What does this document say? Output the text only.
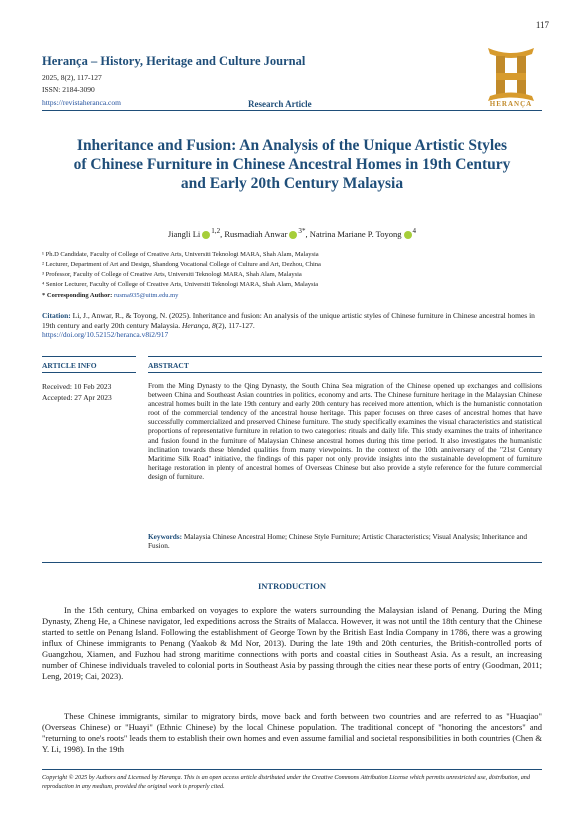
117
Herança – History, Heritage and Culture Journal
2025, 8(2), 117-127
ISSN: 2184-3090
https://revistaheranca.com	Research Article	HERANÇA
Inheritance and Fusion: An Analysis of the Unique Artistic Styles of Chinese Furniture in Chinese Ancestral Homes in 19th Century and Early 20th Century Malaysia
Jiangli Li $^{1,2}$, Rusmadiah Anwar $^{3*}$, Natrina Mariane P. Toyong $^4$
¹ Ph.D Candidate, Faculty of College of Creative Arts, Universiti Teknologi MARA, Shah Alam, Malaysia
² Lecturer, Department of Art and Design, Shandong Vocational College of Culture and Art, Dezhou, China
³ Professor, Faculty of College of Creative Arts, Universiti Teknologi MARA, Shah Alam, Malaysia
⁴ Senior Lecturer, Faculty of College of Creative Arts, Universiti Teknologi MARA, Shah Alam, Malaysia
* Corresponding Author: rusma935@uitm.edu.my
Citation: Li, J., Anwar, R., & Toyong, N. (2025). Inheritance and fusion: An analysis of the unique artistic styles of Chinese furniture in Chinese ancestral homes in 19th century and early 20th century Malaysia. Herança, 8(2), 117-127.
https://doi.org/10.52152/heranca.v8i2/917
ARTICLE INFO
Received: 10 Feb 2023
Accepted: 27 Apr 2023
ABSTRACT
From the Ming Dynasty to the Qing Dynasty, the South China Sea migration of the Chinese opened up exchanges and collisions between China and Southeast Asian countries in politics, economy and arts. The Chinese furniture heritage in the Malaysian Chinese ancestral homes built in the late 19th century and early 20th century has received more attention, which is the humanistic connotation root of the commercial tendency of the ancestral house heritage. This paper focuses on three cases of ancestral homes that have successfully commercialized and preserved Chinese furniture. The study specifically examines the visual characteristics and statistical proportions of representative furniture in relation to two categories: rituals and daily life. This study examines the traits of inheritance and fusion found in the furniture of Malaysian Chinese ancestral homes during this time period. It also investigates the humanistic inclination towards these blended qualities from many viewpoints. In the context of the 10th anniversary of the "21st Century Maritime Silk Road" initiative, the findings of this paper not only provide insights into the sustainable development of furniture heritage restoration in plenty of ancestral homes of Overseas Chinese but also provide a style reference for the future commercial design of furniture.
Keywords: Malaysia Chinese Ancestral Home; Chinese Style Furniture; Artistic Characteristics; Visual Analysis; Inheritance and Fusion.
INTRODUCTION
In the 15th century, China embarked on voyages to explore the waters surrounding the Malaysian island of Penang. During the Ming Dynasty, Zheng He, a Chinese navigator, led expeditions across the Straits of Malacca. However, it was not until the 18th century that the Chinese started to settle on Penang Island. Following the establishment of George Town by the British East India Company in 1786, there was a growing influx of Chinese immigrants to Penang (Yaakob & Md Nor, 2013). During the late 19th and 20th centuries, the British-controlled ports of Guangzhou, Xiamen, and Fuzhou had strong maritime connections with ports and coastal cities in Southeast Asia. As a result, an increasing number of Chinese individuals traveled to colonial ports in Southeast Asia by passing through the cities near these ports of entry (Goodman, 2011; Leng, 2019; Cai, 2023).
These Chinese immigrants, similar to migratory birds, move back and forth between two countries and are referred to as "Huaqiao" (Overseas Chinese) or "Huayi" (Ethnic Chinese) by the local Chinese population. The traditional concept of "honoring the ancestors" and "returning to one's roots" leads them to establish their own homes and even assume familial and societal responsibilities in both countries (Chen & Y. Li, 1998). In the 19th
Copyright © 2025 by Authors and Licensed by Herança. This is an open access article distributed under the Creative Commons Attribution License which permits unrestricted use, distribution, and reproduction in any medium, provided the original work is properly cited.
